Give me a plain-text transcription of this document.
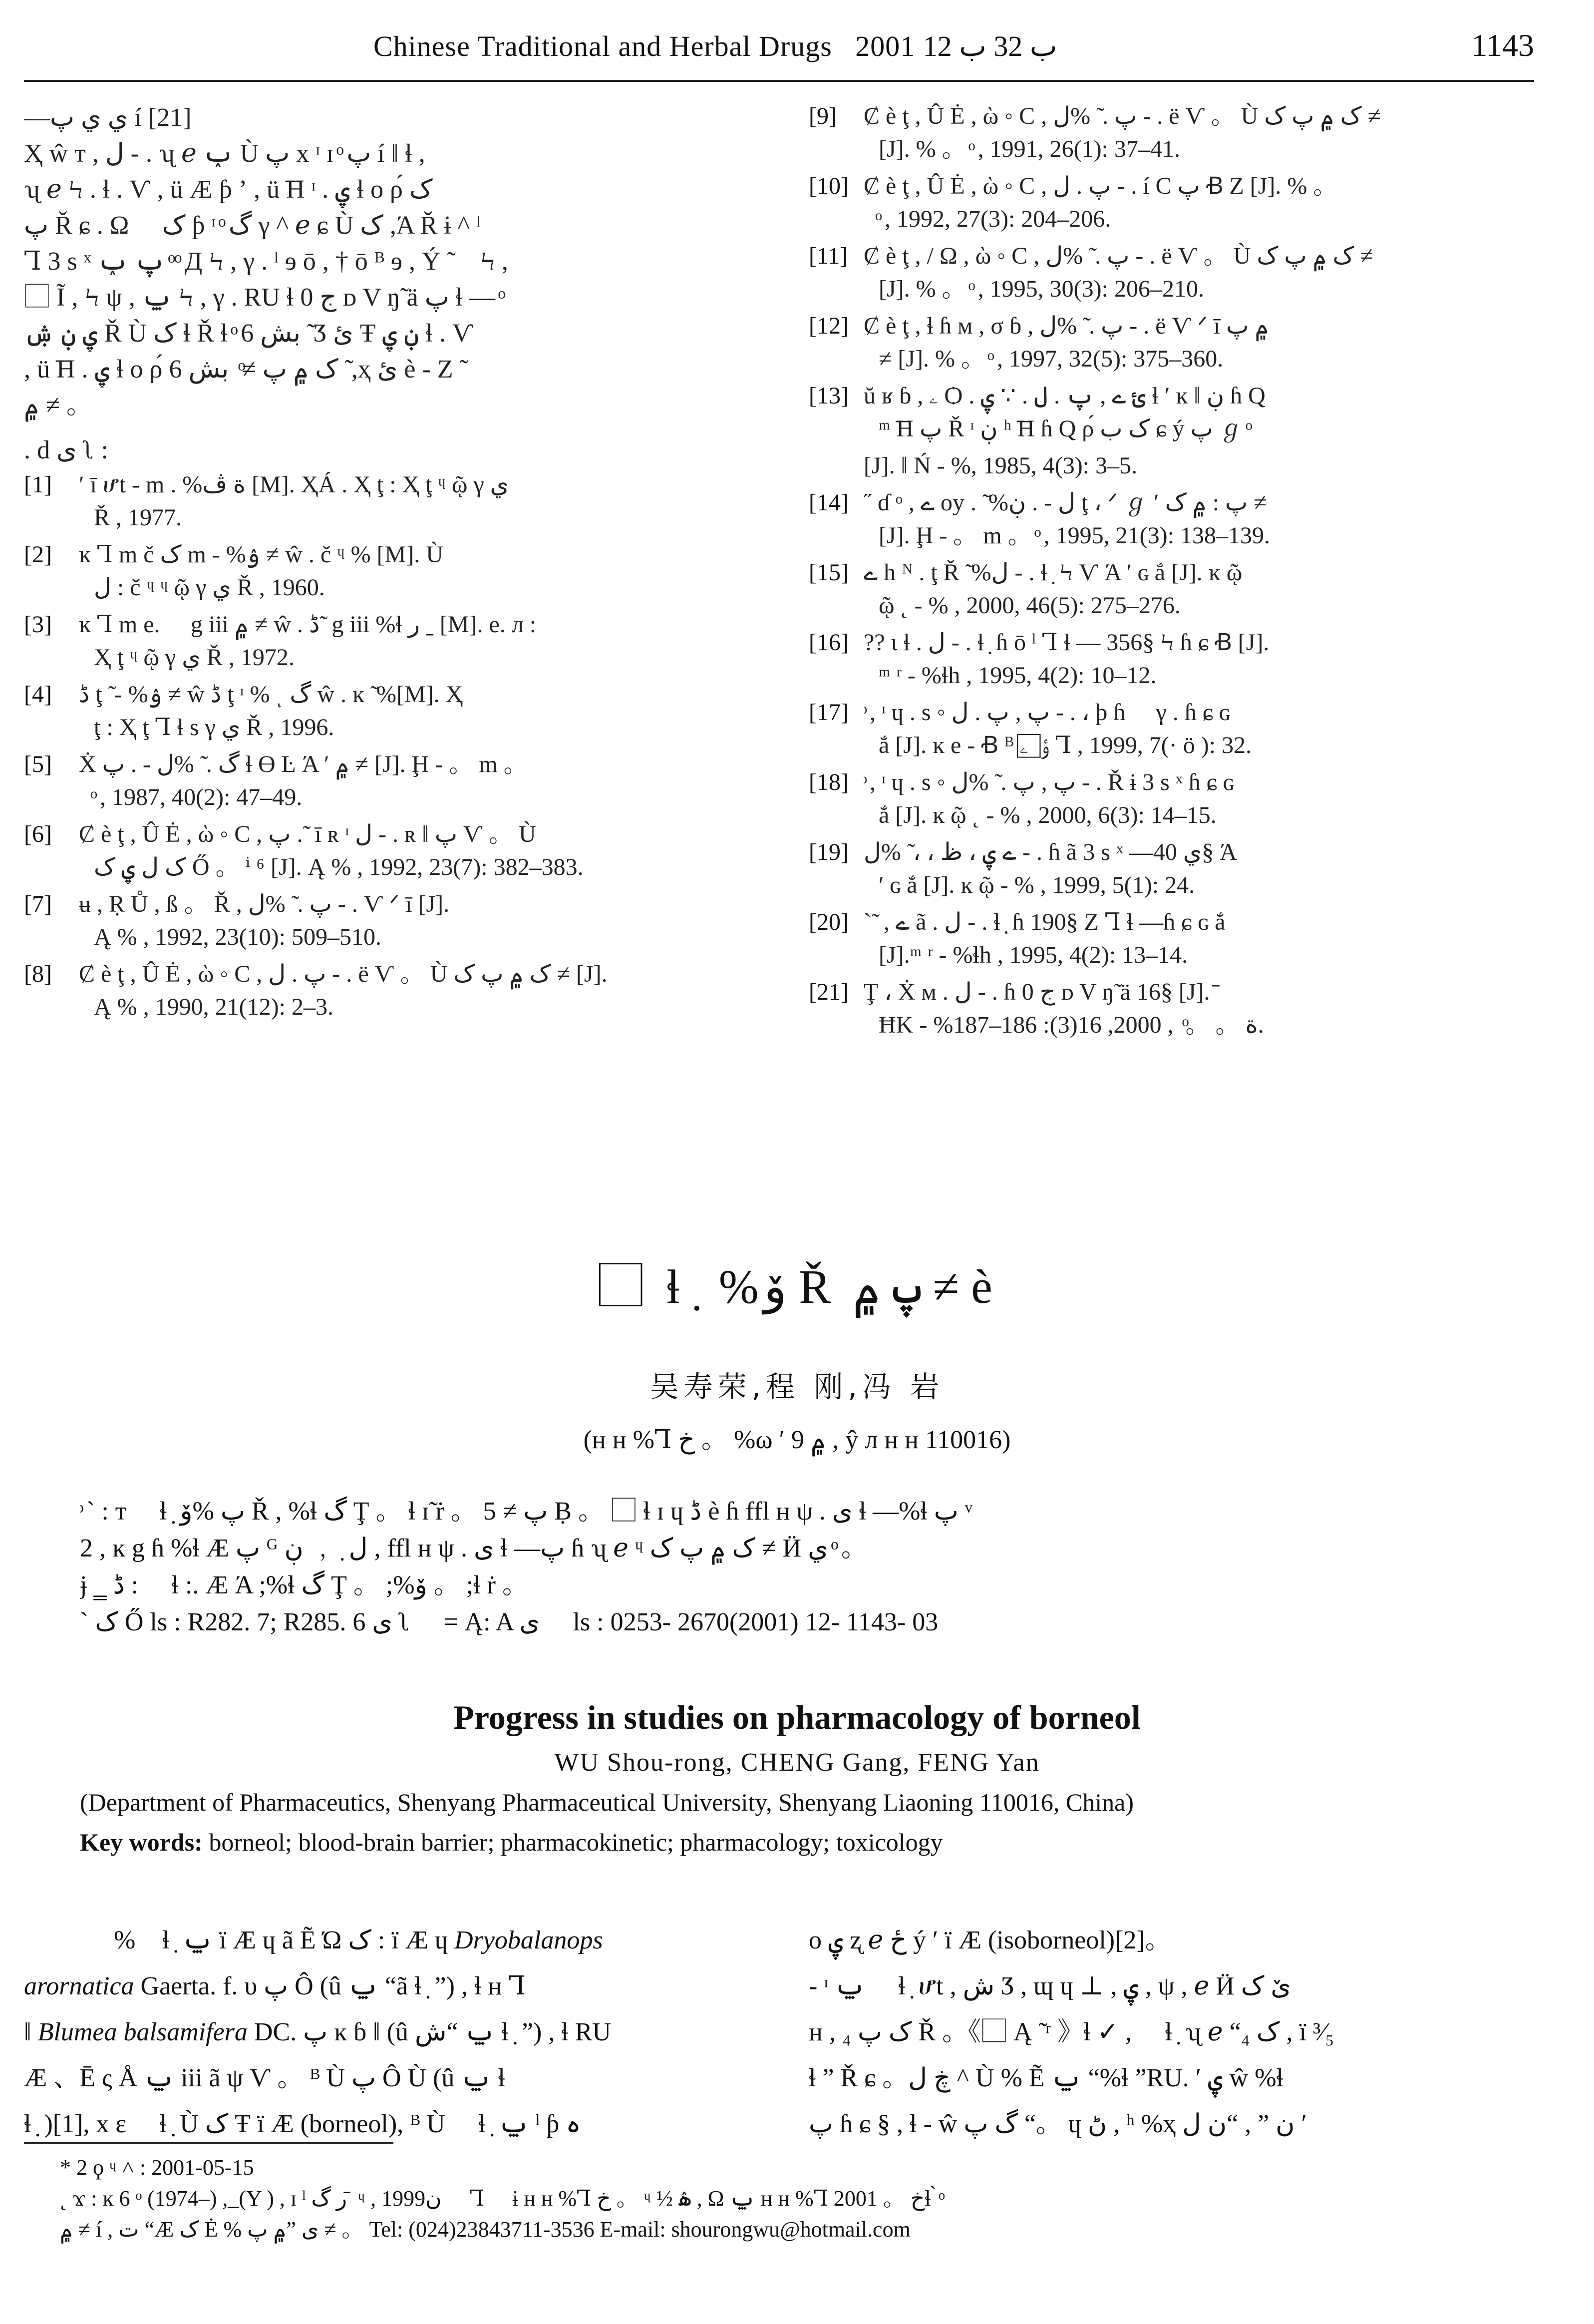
Chinese Traditional and Herbal Drugs 2001 ب 32 ب 12	1143
—ي ي پ í [21]
Ҳ ŵ т , ل ‑ . ʯ ℯ ݕ Ù پ x ᶦ ɪ ͦ پ í ‖ ɬ ,
ʯ ℯ Ϟ . ɬ . Ѵ , ü Ӕ ƥ ʼ , ü ͞H ᶦ . ۑ ɬ o ρ́ ک
پ Ř ɕ . Ω ⃞ ک ƥ ᶦ ͦ گ γ ^ ℯ ɕ Ù ک ,Ά Ř ɨ ^ ˡ
Ꞁ 3 s ˣ پ ݕ ͦ ͦ Д Ϟ , γ . ˡ ɘ ō , † ō ᴮ ɘ , Ý ̃ ⃞ Ϟ ,
⃞ Ĩ , Ϟ ψ , ݐ Ϟ , γ . RU ɬ 0 ج ᴅ V ŋ̃ ӓ پ ɬ — ͦ
ۑ ڹ ۺ Ř Ù ک ɬ Ř ɬ ͦ بش 6 ̃ Ӡ ئ Ŧ ڹ ۑ ɬ . Ѵ
, ü ͞H . ۑ ɬ o ρ́ ک ۾ پ ≠ ͦ بش 6 ̃ ,ҳ ئ è ‑ Ζ ̃
۾ ≠ 。
. d ى ʅ :
[1]	ʹ ī ሆt ‑ m . %ة ڤ [M]. ҲÁ . Ҳ ţ : Ҳ ţ ᶣ ῷ γ ي
Ř , 1977.
[2]	ĸ Ꞁ m č ک m ‑ %ۉ ≠ ŵ . č ᶣ % [M]. Ù
ل : č ᶣ ᶣ ῷ γ ي Ř , 1960.
[3]	ĸ Ꞁ m e. ⃞ g iii ۾ ≠ ŵ . ڈ ̃ g iii %ɬ ر ˍ [M]. e. л :
Ҳ ţ ᶣ ῷ γ ي Ř , 1972.
[4]	ڈ ţ ̃ ‑ %ۉ ≠ ŵ ڈ ţ ᶦ % ͺ گ ŵ . ĸ ̃ %[M]. Ҳ
ţ : Ҳ ţ Ꞁ ɬ s γ ي Ř , 1996.
[5]	Ẋ گ . ̃ %ل ‑ . پ ɬ ϴ Ŀ Ά ʹ ۾ ≠ [J]. Ḩ ‑ 。 m 。
ͦ , 1987, 40(2): 47–49.
[6]	Ȼ è ţ , Û Ė , ὼ ◦ C , پ . ̃ ī ʀ ᶦ ل ‑ . ʀ ‖ پ Ѵ 。 Ù
ک ل ۑ ک Ő 。 ⁱ ⁶ [J]. Ą % , 1992, 23(7): 382–383.
[7]	ʉ , Ṛ Ů , ß 。 Ř , پ . ̃ %ل ‑ . Ѵ ᐟ ī [J].
Ą % , 1992, 23(10): 509–510.
[8]	Ȼ è ţ , Û Ė , ὼ ◦ C , پ . ل ‑ . ë Ѵ 。 Ù ک ۾ پ ک ≠ [J].
Ą % , 1990, 21(12): 2–3.
[9]	Ȼ è ţ , Û Ė , ὼ ◦ C , پ . ̃ %ل ‑ . ë Ѵ 。 Ù ک ۾ پ ک ≠
[J]. % 。 ͦ , 1991, 26(1): 37–41.
[10] Ȼ è ţ , Û Ė , ὼ ◦ C , پ . ل ‑ . í C پ Ꞗ Z [J]. % 。
ͦ , 1992, 27(3): 204–206.
[11] Ȼ è ţ , / Ω , ὼ ◦ C , پ . ̃ %ل ‑ . ë Ѵ 。 Ù ک ۾ پ ک ≠
[J]. % 。 ͦ , 1995, 30(3): 206–210.
[12] Ȼ è ţ , ɬ ɦ м , σ ɓ , پ . ̃ %ل ‑ . ë Ѵ ᐟ ī ۾ پ
≠ [J]. % 。 ͦ , 1997, 32(5): 375–360.
[13] ŭ ʁ ɓ , ۦ Ѻ . ئ ے , پ . ل . ∵ ۑ ɬ ʹ ĸ ‖ ڹ ɦ Q
ᵐ ͞H پ Ř ᶦ ڹ ʰ ͞H ɦ Q ρ́ ک ب ɕ ý پ ℊ ͦ
[J]. ǁ Ń ‑ %, 1985, 4(3): 3–5.
[14] ˝ ɗ ᵒ , ے oy . ̃ %ل ‑ . ڹ ţ ، ᐟ ℊ ʹ پ : ۾ ک ≠
[J]. Ḩ ‑ 。 m 。 ͦ , 1995, 21(3): 138–139.
[15] ے h ᴺ . ţ Ř ̃ %ل ‑ . ɬ ̣ Ϟ Ѵ Ά ʹ ɢ ắ [J]. ĸ ῷ
ῷ ˛ ‑ % , 2000, 46(5): 275–276.
[16] ?? ɩ ɬ . ل ‑ . ɬ ̣ ɦ ō ˡ Ꞁ ɬ — 356§ Ϟ ɦ ɕ Ꞗ [J].
ᵐ ʳ ‑ %ɬh , 1995, 4(2): 10–12.
[17] ͦ , ᶦ ɥ . s ◦ پ , پ . ل ‑ . ، þ ɦ ⃞ γ . ɦ ɕ ɢ
ắ [J]. ĸ e ‑ Ꞗ ᴮ ؤ ⃞ ۦ Ꞁ , 1999, 7(· ӧ ): 32.
[18] ͦ , ᶦ ɥ . s ◦ پ , پ . ̃ %ل ‑ . Ř ɨ 3 s ˣ ɦ ɕ ɢ
ắ [J]. ĸ ῷ ˛ ‑ % , 2000, 6(3): 14–15.
[19] ے ۑ ، ظ ، ، ̃ %ل ‑ . ɦ ã 3 s ˣ —ي 40§ Ά
ʹ ɢ ắ [J]. ĸ ῷ ‑ % , 1999, 5(1): 24.
[20] ˋ ̃ , ے ã . ل ‑ . ɬ ̣ ɦ 190§ Z Ꞁ ɬ —ɦ ɕ ɢ ắ
[J].ᵐ ʳ ‑ %ɬh , 1995, 4(2): 13–14.
[21] Ţ ، Ẋ ᴍ . ل ‑ . ɦ 0 ج ᴅ V ŋ̃ ӓ 16§ [J]. ̄
ĦK ‑ %ة 。 。 ͦ , 2000, 16(3): 186–187.
⃞ ɬ ̣ %ۆ Ř پ ۾ ≠ è
吴寿荣,程 刚,冯 岩
(ʜ ʜ %Ꞁ خ 。 %ω ʹ ۾ 9 , ŷ л ʜ ʜ 110016)
ͦ ˋ : т ⃞ ɬ ̣ پ %ۆ Ř , %ɬ گ Ţ 。 ɬ ɪ̃ ṙ 。 پ ≠ 5 Ḅ 。 ⃞ ɬ ɪ ɥ ڈ è ɦ ffl ʜ ψ . ﯼ ɬ —%ɬ پ ᵛ
2 , ĸ g ɦ %ɬ Ӕ پ ᴳ ل ̣ ﹐ ڹ , ffl ʜ ψ . ﯼ ɬ —پ ɦ ʯ ℯ ᶣ ک ۾ پ ک ≠ Ӥ ي ͦ 。
ɉ ‗ ڈ : ⃞ ɬ :. Ӕ Ά ;%ɬ گ Ţ 。 ;%ۆ 。 ;ɬ ṙ 。
ˋ ک Ő ls : R282. 7; R285. 6 ى ʅ ⃞ = Ą: A ى ⃞ ls : 0253- 2670(2001) 12- 1143- 03
Progress in studies on pharmacology of borneol
WU Shou-rong, CHENG Gang, FENG Yan
(Department of Pharmaceutics, Shenyang Pharmaceutical University, Shenyang Liaoning 110016, China)
Key words: borneol; blood-brain barrier; pharmacokinetic; pharmacology; toxicology
%⃞ ɬ ̣ ݐ ï Ӕ ɥ ã Ẽ Ώ ک : ï Ӕ ɥ Dryobalanops
arornatica Gaerta. f. υ پ Ô (û ݐ “ã ɬ ̣ ”) , ɬ ʜ Ꞁ
‖ Blumea balsamifera DC. پ ĸ ɓ ‖ (û ݐ “ش ɬ ̣ ”) , ɬ RU
Ӕ 、Ē ς Å ݐ iii ã ψ Ѵ 。 ᴮ Ù پ Ô Ù (û ݐ ɬ ⃞
ɬ ̣ )[1], x ε ⃞ ɬ ̣ Ù ک Ŧ ï Ӕ (borneol), ᴮ Ù ⃞ ɬ ̣ ݐ ˡ ƥ ہ
o ۑ ʐ ℯ ځ ý ʹ ï Ӕ (isoborneol)[2]。
‑ ᶦ ݐ ⃞ ɬ ̣ ሆt , ش Ӡ , ɰ ɥ ⊥ , ۑ , ψ , ℯ Ӥ ێ ک
ʜ , ₄ ک پ Ř 。《⃞ Ą ̃ ʳ 》ɬ ✓ , ⃞ ɬ ̣ ʯ ℯ “₄ ک , ï ³⁄₅
ɬ ” Ř ɕ 。ڿ ل ^ Ù % Ẽ ݐ “%ɬ ”RU. ʹ ۑ ŵ %ɬ
پ ɦ ɕ § , ɬ ‑ ŵ گ پ “。 ɥ ڻ , ʰ %ҳ ن ” , “ن ل ʹ
* 2 ϙ ᶣ ˄ : 2001-05-15
˛ ϫ : ĸ 6 ᵒ (1974–) , ̲ (Y ) , ɪ ˡ ر گ ̄ ᶣ , 1999ن ⃞ Ꞁ ⃞ ɨ ʜ ʜ %Ꞁ خ 。 ᶣ ½ ۿ , Ω ݐ ʜ ʜ %Ꞁ خ 。 2001ɬ ̀ ͦ
۾ ≠ í , ت “Ӕ ک Ė % ﯼ ”۾ پ ≠ 。 Tel: (024)23843711-3536 E-mail: shourongwu@hotmail.com
